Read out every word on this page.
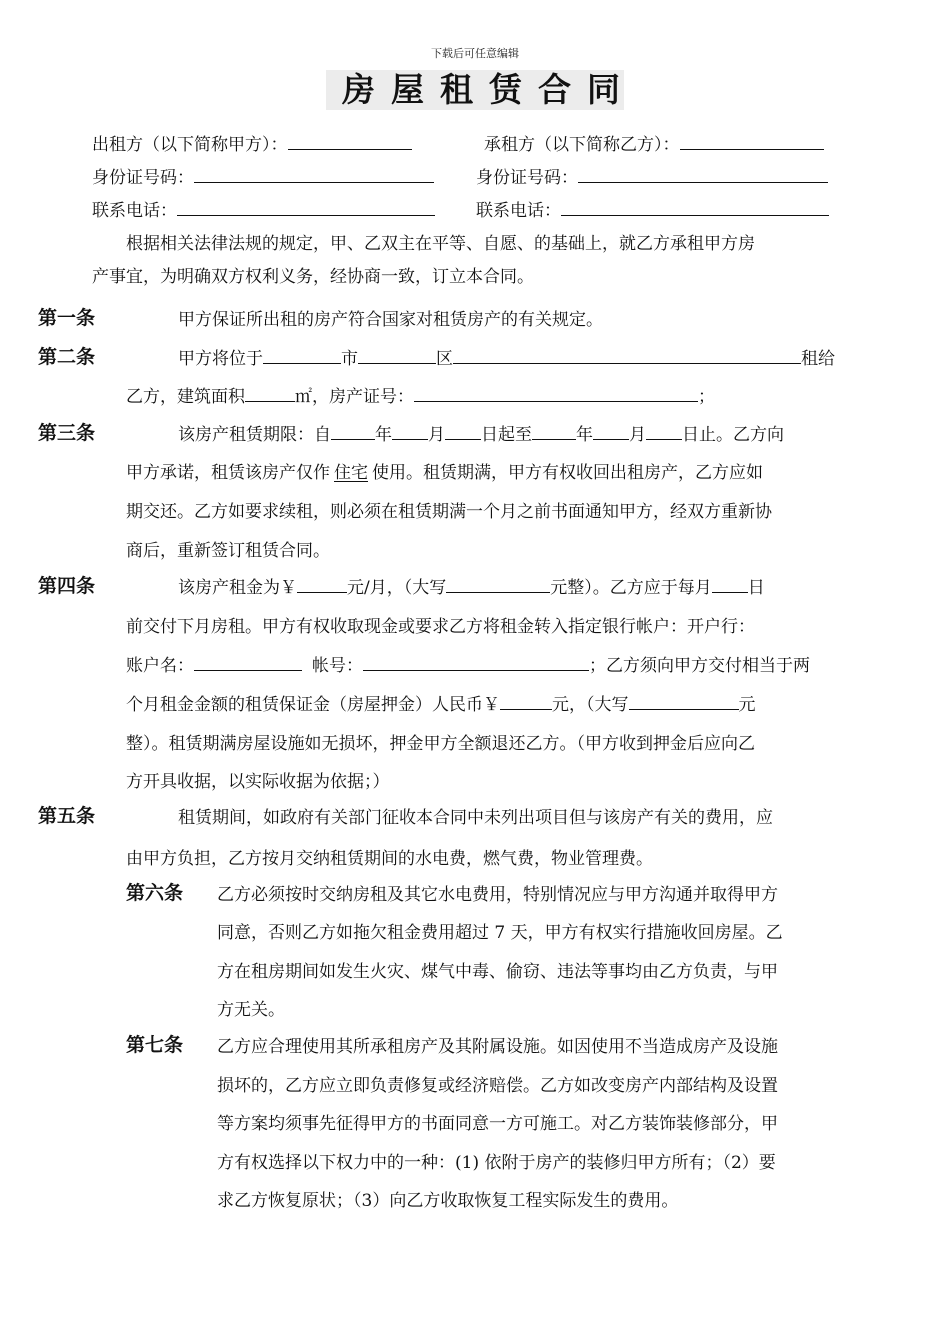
下载后可任意编辑
房屋租赁合同
出租方（以下简称甲方）：	承租方（以下简称乙方）：
身份证号码：	身份证号码：
联系电话：	联系电话：
根据相关法律法规的规定，甲、乙双主在平等、自愿、的基础上，就乙方承租甲方房
产事宜，为明确双方权利义务，经协商一致，订立本合同。
第一条	甲方保证所出租的房产符合国家对租赁房产的有关规定。
第二条	甲方将位于	市	区	租给
乙方，建筑面积	㎡，房产证号：	；
第三条	该房产租赁期限：自	年 月 日起至	年 月 日止。乙方向
甲方承诺，租赁该房产仅作 住宅 使用。租赁期满，甲方有权收回出租房产，乙方应如
期交还。乙方如要求续租，则必须在租赁期满一个月之前书面通知甲方，经双方重新协
商后，重新签订租赁合同。
第四条	该房产租金为￥	元/月，（大写	元整）。乙方应于每月 日
前交付下月房租。甲方有权收取现金或要求乙方将租金转入指定银行帐户：开户行：
账户名：	帐号：	；乙方须向甲方交付相当于两
个月租金金额的租赁保证金（房屋押金）人民币￥	元，（大写	元
整）。租赁期满房屋设施如无损坏，押金甲方全额退还乙方。（甲方收到押金后应向乙
方开具收据，以实际收据为依据；）
第五条	租赁期间，如政府有关部门征收本合同中未列出项目但与该房产有关的费用，应
由甲方负担，乙方按月交纳租赁期间的水电费，燃气费，物业管理费。
第六条 乙方必须按时交纳房租及其它水电费用，特别情况应与甲方沟通并取得甲方
同意，否则乙方如拖欠租金费用超过 7 天，甲方有权实行措施收回房屋。乙
方在租房期间如发生火灾、煤气中毒、偷窃、违法等事均由乙方负责，与甲
方无关。
第七条 乙方应合理使用其所承租房产及其附属设施。如因使用不当造成房产及设施
损坏的，乙方应立即负责修复或经济赔偿。乙方如改变房产内部结构及设置
等方案均须事先征得甲方的书面同意一方可施工。对乙方装饰装修部分，甲
方有权选择以下权力中的一种：(1) 依附于房产的装修归甲方所有；（2）要
求乙方恢复原状；（3）向乙方收取恢复工程实际发生的费用。
